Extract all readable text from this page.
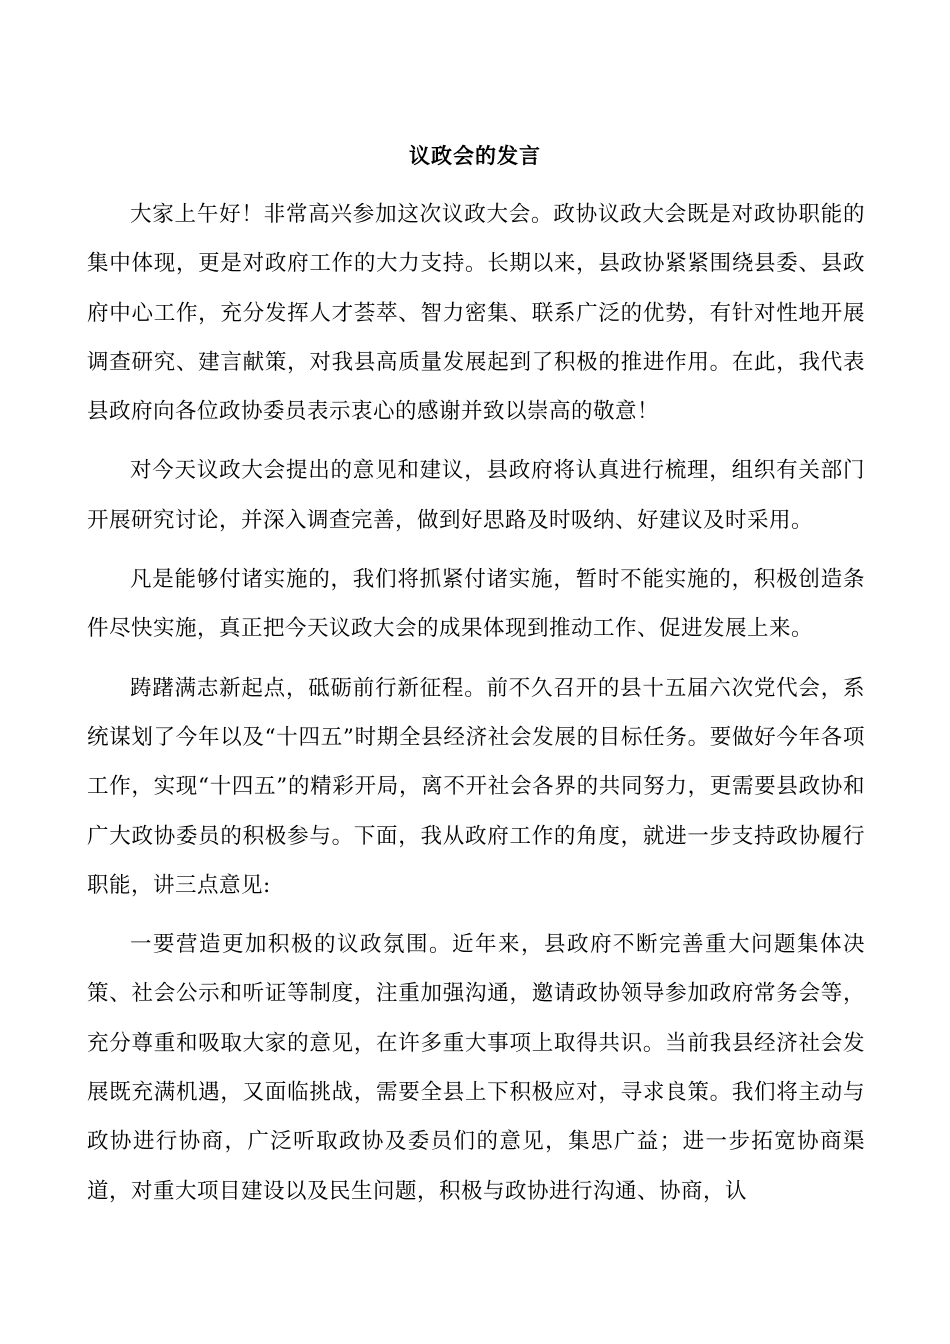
议政会的发言

大家上午好！非常高兴参加这次议政大会。政协议政大会既是对政协职能的集中体现，更是对政府工作的大力支持。长期以来，县政协紧紧围绕县委、县政府中心工作，充分发挥人才荟萃、智力密集、联系广泛的优势，有针对性地开展调查研究、建言献策，对我县高质量发展起到了积极的推进作用。在此，我代表县政府向各位政协委员表示衷心的感谢并致以崇高的敬意！

对今天议政大会提出的意见和建议，县政府将认真进行梳理，组织有关部门开展研究讨论，并深入调查完善，做到好思路及时吸纳、好建议及时采用。

凡是能够付诸实施的，我们将抓紧付诸实施，暂时不能实施的，积极创造条件尽快实施，真正把今天议政大会的成果体现到推动工作、促进发展上来。

踌躇满志新起点，砥砺前行新征程。前不久召开的县十五届六次党代会，系统谋划了今年以及“十四五”时期全县经济社会发展的目标任务。要做好今年各项工作，实现“十四五”的精彩开局，离不开社会各界的共同努力，更需要县政协和广大政协委员的积极参与。下面，我从政府工作的角度，就进一步支持政协履行职能，讲三点意见:

一要营造更加积极的议政氛围。近年来，县政府不断完善重大问题集体决策、社会公示和听证等制度，注重加强沟通，邀请政协领导参加政府常务会等，充分尊重和吸取大家的意见，在许多重大事项上取得共识。当前我县经济社会发展既充满机遇，又面临挑战，需要全县上下积极应对，寻求良策。我们将主动与政协进行协商，广泛听取政协及委员们的意见，集思广益；进一步拓宽协商渠道，对重大项目建设以及民生问题，积极与政协进行沟通、协商，认
